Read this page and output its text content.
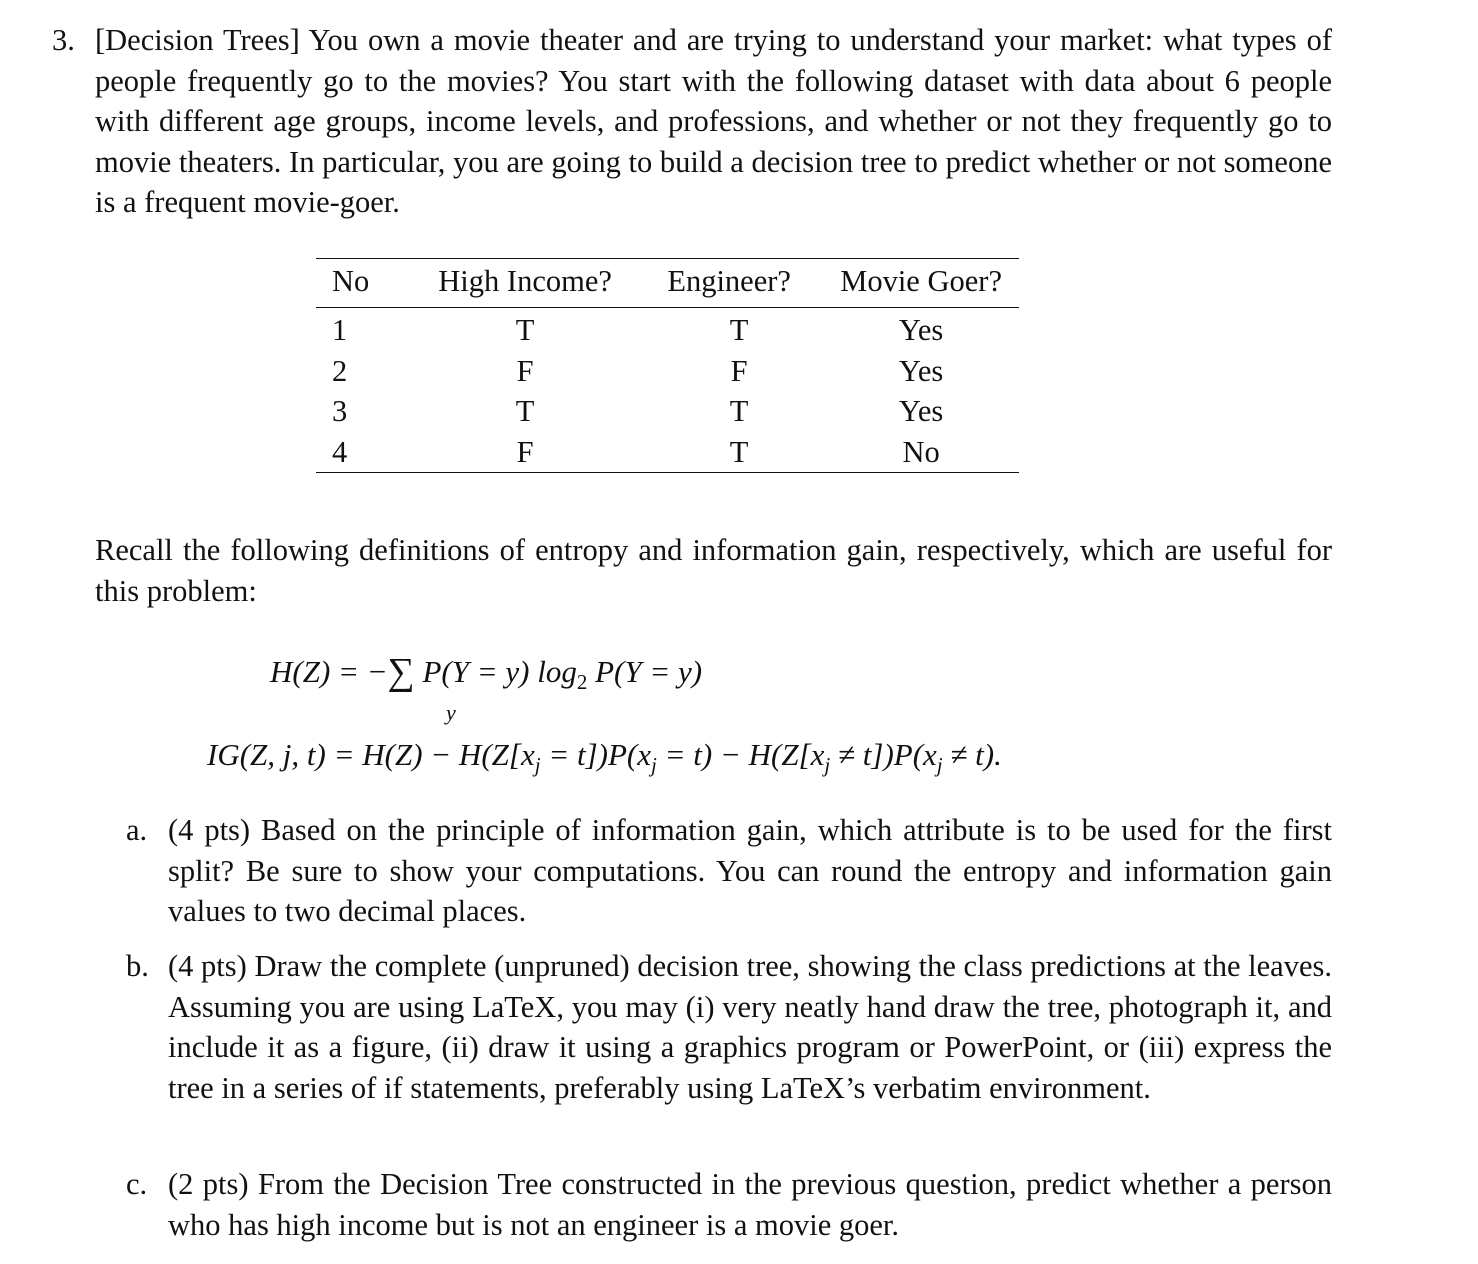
3. [Decision Trees] You own a movie theater and are trying to understand your market: what types of people frequently go to the movies? You start with the following dataset with data about 6 people with different age groups, income levels, and professions, and whether or not they frequently go to movie theaters. In particular, you are going to build a decision tree to predict whether or not someone is a frequent movie-goer.

No	High Income?	Engineer?	Movie Goer?
1	T	T	Yes
2	F	F	Yes
3	T	T	Yes
4	F	T	No

Recall the following definitions of entropy and information gain, respectively, which are useful for this problem:

H(Z) = −∑ P(Y = y) $\log_2 P(Y = y)$
y
IG(Z, j, $t) = H(Z) - H(Z[x_j = t])P(x_j = t) - H(Z[x_j \ne t])P(x_j \ne t)$.
a. (4 pts) Based on the principle of information gain, which attribute is to be used for the first split? Be sure to show your computations. You can round the entropy and information gain values to two decimal places.

b. (4 pts) Draw the complete (unpruned) decision tree, showing the class predictions at the leaves. Assuming you are using LaTeX, you may (i) very neatly hand draw the tree, photograph it, and include it as a figure, (ii) draw it using a graphics program or PowerPoint, or (iii) express the tree in a series of if statements, preferably using LaTeX’s verbatim environment.

c. (2 pts) From the Decision Tree constructed in the previous question, predict whether a person who has high income but is not an engineer is a movie goer.
